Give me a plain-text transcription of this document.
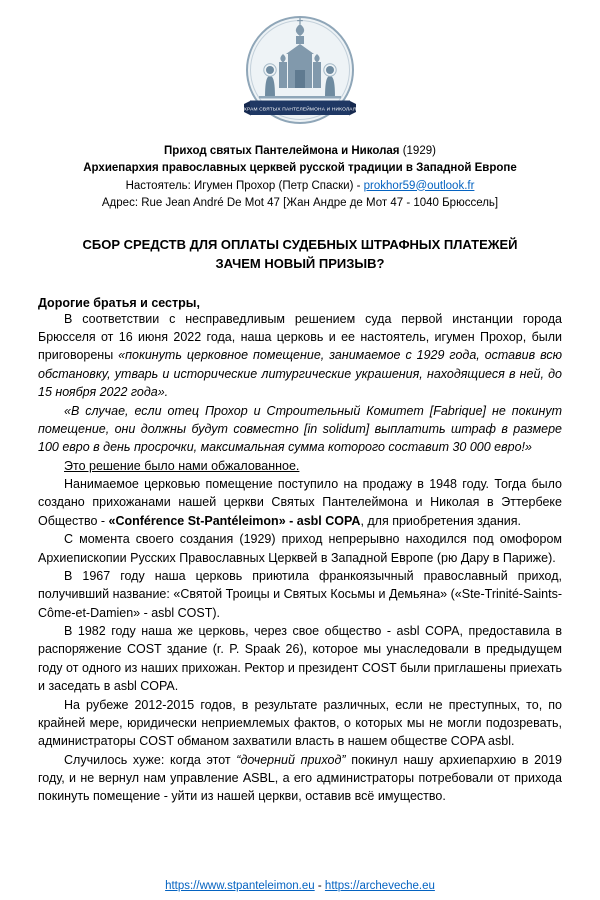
ХРАМ СВЯТЫХ ПАНТЕЛЕЙМОНА И НИКОЛАЯ
Приход святых Пантелеймона и Николая (1929)
Архиепархия православных церквей русской традиции в Западной Европе
Настоятель: Игумен Прохор (Петр Спаски) - prokhor59@outlook.fr
Адрес: Rue Jean André De Mot 47 [Жан Андре де Мот 47 - 1040 Брюссель]
СБОР СРЕДСТВ ДЛЯ ОПЛАТЫ СУДЕБНЫХ ШТРАФНЫХ ПЛАТЕЖЕЙ
ЗАЧЕМ НОВЫЙ ПРИЗЫВ?
Дорогие братья и сестры,

В соответствии с несправедливым решением суда первой инстанции города Брюсселя от 16 июня 2022 года, наша церковь и ее настоятель, игумен Прохор, были приговорены «покинуть церковное помещение, занимаемое с 1929 года, оставив всю обстановку, утварь и исторические литургические украшения, находящиеся в ней, до 15 ноября 2022 года».

«В случае, если отец Прохор и Строительный Комитет [Fabrique] не покинут помещение, они должны будут совместно [in solidum] выплатить штраф в размере 100 евро в день просрочки, максимальная сумма которого составит 30 000 евро!»

Это решение было нами обжалованное.

Нанимаемое церковью помещение поступило на продажу в 1948 году. Тогда было создано прихожанами нашей церкви Святых Пантелеймона и Николая в Эттербеке Общество - «Conférence St-Pantéleimon» - asbl COPA, для приобретения здания.

С момента своего создания (1929) приход непрерывно находился под омофором Архиепископии Русских Православных Церквей в Западной Европе (рю Дару в Париже).

В 1967 году наша церковь приютила франкоязычный православный приход, получивший название: «Святой Троицы и Святых Косьмы и Демьяна» («Ste-Trinité-Saints-Côme-et-Damien» - asbl COST).

В 1982 году наша же церковь, через свое общество - asbl COPA, предоставила в распоряжение COST здание (r. P. Spaak 26), которое мы унаследовали в предыдущем году от одного из наших прихожан. Ректор и президент COST были приглашены приехать и заседать в asbl COPA.

На рубеже 2012-2015 годов, в результате различных, если не преступных, то, по крайней мере, юридически неприемлемых фактов, о которых мы не могли подозревать, администраторы COST обманом захватили власть в нашем обществе COPA asbl.

Случилось хуже: когда этот “дочерний приход” покинул нашу архиепархию в 2019 году, и не вернул нам управление ASBL, а его администраторы потребовали от прихода покинуть помещение - уйти из нашей церкви, оставив всё имущество.

https://www.stpanteleimon.eu - https://archeveche.eu
